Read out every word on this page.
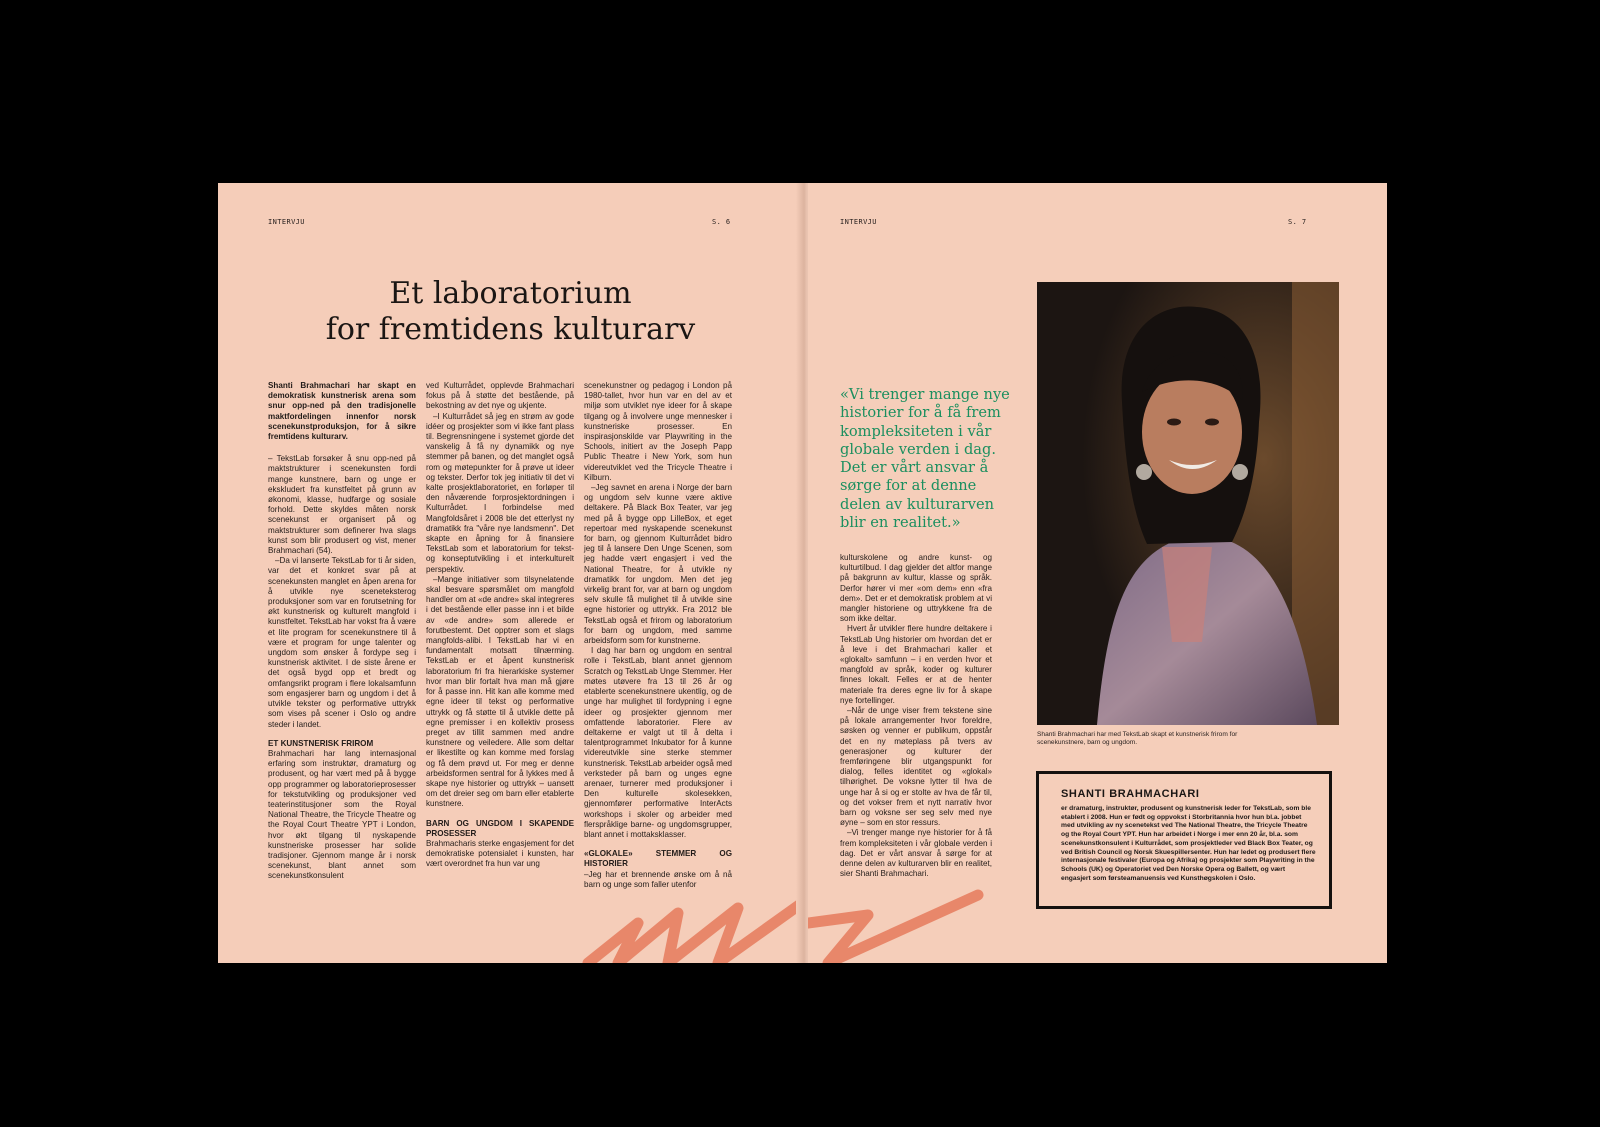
INTERVJU	S. 6
Et laboratorium
for fremtidens kulturarv

Shanti Brahmachari har skapt en demokratisk kunstnerisk arena som snur opp-ned på den tradisjonelle maktfordelingen innenfor norsk scenekunstproduksjon, for å sikre fremtidens kulturarv.

– TekstLab forsøker å snu opp-ned på maktstrukturer i scenekunsten fordi mange kunstnere, barn og unge er ekskludert fra kunstfeltet på grunn av økonomi, klasse, hudfarge og sosiale forhold. Dette skyldes måten norsk scenekunst er organisert på og maktstrukturer som definerer hva slags kunst som blir produsert og vist, mener Brahmachari (54).

–Da vi lanserte TekstLab for ti år siden, var det et konkret svar på at scenekunsten manglet en åpen arena for å utvikle nye sceneteksterog produksjoner som var en forutsetning for økt kunstnerisk og kulturelt mangfold i kunstfeltet. TekstLab har vokst fra å være et lite program for scenekunstnere til å være et program for unge talenter og ungdom som ønsker å fordype seg i kunstnerisk aktivitet. I de siste årene er det også bygd opp et bredt og omfangsrikt program i flere lokalsamfunn som engasjerer barn og ungdom i det å utvikle tekster og performative uttrykk som vises på scener i Oslo og andre steder i landet.

ET KUNSTNERISK FRIROM

Brahmachari har lang internasjonal erfaring som instruktør, dramaturg og produsent, og har vært med på å bygge opp programmer og laboratorieprosesser for tekstutvikling og produksjoner ved teaterinstitusjoner som the Royal National Theatre, the Tricycle Theatre og the Royal Court Theatre YPT i London, hvor økt tilgang til nyskapende kunstneriske prosesser har solide tradisjoner. Gjennom mange år i norsk scenekunst, blant annet som scenekunstkonsulent

ved Kulturrådet, opplevde Brahmachari fokus på å støtte det bestående, på bekostning av det nye og ukjente.

–I Kulturrådet så jeg en strøm av gode idéer og prosjekter som vi ikke fant plass til. Begrensningene i systemet gjorde det vanskelig å få ny dynamikk og nye stemmer på banen, og det manglet også rom og møtepunkter for å prøve ut ideer og tekster. Derfor tok jeg initiativ til det vi kalte prosjektlaboratoriet, en forløper til den nåværende forprosjektordningen i Kulturrådet. I forbindelse med Mangfoldsåret i 2008 ble det etterlyst ny dramatikk fra "våre nye landsmenn". Det skapte en åpning for å finansiere TekstLab som et laboratorium for tekst- og konseptutvikling i et interkulturelt perspektiv.

–Mange initiativer som tilsynelatende skal besvare spørsmålet om mangfold handler om at «de andre» skal integreres i det bestående eller passe inn i et bilde av «de andre» som allerede er forutbestemt. Det opptrer som et slags mangfolds-alibi. I TekstLab har vi en fundamentalt motsatt tilnærming. TekstLab er et åpent kunstnerisk laboratorium fri fra hierarkiske systemer hvor man blir fortalt hva man må gjøre for å passe inn. Hit kan alle komme med egne ideer til tekst og performative uttrykk og få støtte til å utvikle dette på egne premisser i en kollektiv prosess preget av tillit sammen med andre kunstnere og veiledere. Alle som deltar er likestilte og kan komme med forslag og få dem prøvd ut. For meg er denne arbeidsformen sentral for å lykkes med å skape nye historier og uttrykk – uansett om det dreier seg om barn eller etablerte kunstnere.

BARN OG UNGDOM I SKAPENDE PROSESSER

Brahmacharis sterke engasjement for det demokratiske potensialet i kunsten, har vært overordnet fra hun var ung

scenekunstner og pedagog i London på 1980-tallet, hvor hun var en del av et miljø som utviklet nye ideer for å skape tilgang og å involvere unge mennesker i kunstneriske prosesser. En inspirasjonskilde var Playwriting in the Schools, initiert av the Joseph Papp Public Theatre i New York, som hun videreutviklet ved the Tricycle Theatre i Kilburn.

–Jeg savnet en arena i Norge der barn og ungdom selv kunne være aktive deltakere. På Black Box Teater, var jeg med på å bygge opp LilleBox, et eget repertoar med nyskapende scenekunst for barn, og gjennom Kulturrådet bidro jeg til å lansere Den Unge Scenen, som jeg hadde vært engasjert i ved the National Theatre, for å utvikle ny dramatikk for ungdom. Men det jeg virkelig brant for, var at barn og ungdom selv skulle få mulighet til å utvikle sine egne historier og uttrykk. Fra 2012 ble TekstLab også et frirom og laboratorium for barn og ungdom, med samme arbeidsform som for kunstnerne.

I dag har barn og ungdom en sentral rolle i TekstLab, blant annet gjennom Scratch og TekstLab Unge Stemmer. Her møtes utøvere fra 13 til 26 år og etablerte scenekunstnere ukentlig, og de unge har mulighet til fordypning i egne ideer og prosjekter gjennom mer omfattende laboratorier. Flere av deltakerne er valgt ut til å delta i talentprogrammet Inkubator for å kunne videreutvikle sine sterke stemmer kunstnerisk. TekstLab arbeider også med verksteder på barn og unges egne arenaer, turnerer med produksjoner i Den kulturelle skolesekken, gjennomfører performative InterActs workshops i skoler og arbeider med flerspråklige barne- og ungdomsgrupper, blant annet i mottaksklasser.

«GLOKALE» STEMMER OG HISTORIER

–Jeg har et brennende ønske om å nå barn og unge som faller utenfor

INTERVJU	S. 7
«Vi trenger mange nye historier for å få frem kompleksiteten i vår globale verden i dag. Det er vårt ansvar å sørge for at denne delen av kulturarven blir en realitet.»

kulturskolene og andre kunst- og kulturtilbud. I dag gjelder det altfor mange på bakgrunn av kultur, klasse og språk. Derfor hører vi mer «om dem» enn «fra dem». Det er et demokratisk problem at vi mangler historiene og uttrykkene fra de som ikke deltar.

Hvert år utvikler flere hundre deltakere i TekstLab Ung historier om hvordan det er å leve i det Brahmachari kaller et «glokalt» samfunn – i en verden hvor et mangfold av språk, koder og kulturer finnes lokalt. Felles er at de henter materiale fra deres egne liv for å skape nye fortellinger.

–Når de unge viser frem tekstene sine på lokale arrangementer hvor foreldre, søsken og venner er publikum, oppstår det en ny møteplass på tvers av generasjoner og kulturer der fremføringene blir utgangspunkt for dialog, felles identitet og «glokal» tilhørighet. De voksne lytter til hva de unge har å si og er stolte av hva de får til, og det vokser frem et nytt narrativ hvor barn og voksne ser seg selv med nye øyne – som en stor ressurs.

–Vi trenger mange nye historier for å få frem kompleksiteten i vår globale verden i dag. Det er vårt ansvar å sørge for at denne delen av kulturarven blir en realitet, sier Shanti Brahmachari.

Shanti Brahmachari har med TekstLab skapt et kunstnerisk frirom for scenekunstnere, barn og ungdom.
SHANTI BRAHMACHARI

er dramaturg, instruktør, produsent og kunstnerisk leder for TekstLab, som ble etablert i 2008. Hun er født og oppvokst i Storbritannia hvor hun bl.a. jobbet med utvikling av ny scenetekst ved The National Theatre, the Tricycle Theatre og the Royal Court YPT. Hun har arbeidet i Norge i mer enn 20 år, bl.a. som scenekunstkonsulent i Kulturrådet, som prosjektleder ved Black Box Teater, og ved British Council og Norsk Skuespillersenter. Hun har ledet og produsert flere internasjonale festivaler (Europa og Afrika) og prosjekter som Playwriting in the Schools (UK) og Operatoriet ved Den Norske Opera og Ballett, og vært engasjert som førsteamanuensis ved Kunsthøgskolen i Oslo.
